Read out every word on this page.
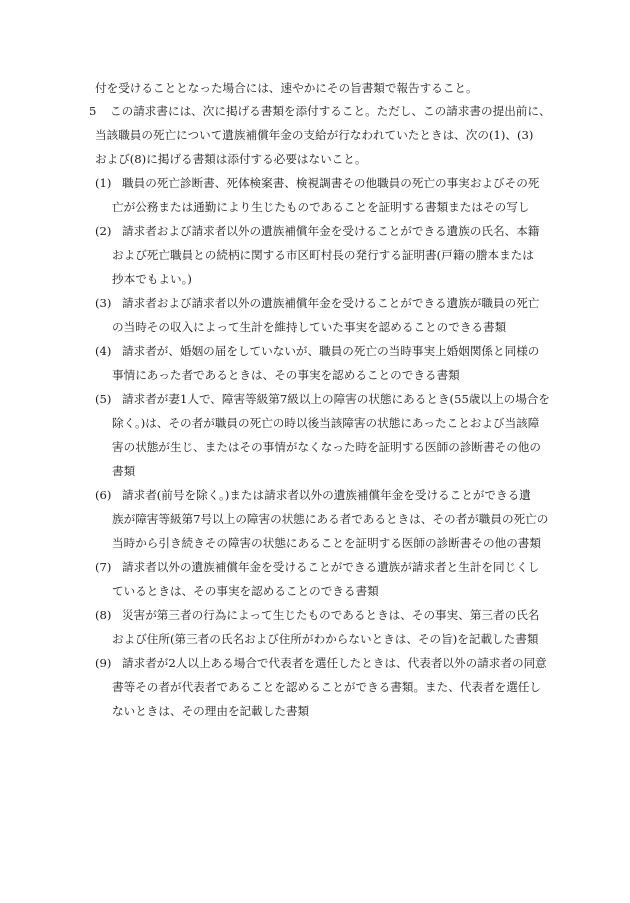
付を受けることとなった場合には、速やかにその旨書類で報告すること。
5 この請求書には、次に掲げる書類を添付すること。ただし、この請求書の提出前に、
当該職員の死亡について遺族補償年金の支給が行なわれていたときは、次の(1)、(3)
および(8)に掲げる書類は添付する必要はないこと。
(1) 職員の死亡診断書、死体検案書、検視調書その他職員の死亡の事実およびその死
亡が公務または通勤により生じたものであることを証明する書類またはその写し
(2) 請求者および請求者以外の遺族補償年金を受けることができる遺族の氏名、本籍
および死亡職員との続柄に関する市区町村長の発行する証明書(戸籍の謄本または
抄本でもよい。)
(3) 請求者および請求者以外の遺族補償年金を受けることができる遺族が職員の死亡
の当時その収入によって生計を維持していた事実を認めることのできる書類
(4) 請求者が、婚姻の届をしていないが、職員の死亡の当時事実上婚姻関係と同様の
事情にあった者であるときは、その事実を認めることのできる書類
(5) 請求者が妻1人で、障害等級第7級以上の障害の状態にあるとき(55歳以上の場合を
除く。)は、その者が職員の死亡の時以後当該障害の状態にあったことおよび当該障
害の状態が生じ、またはその事情がなくなった時を証明する医師の診断書その他の
書類
(6) 請求者(前号を除く。)または請求者以外の遺族補償年金を受けることができる遺
族が障害等級第7号以上の障害の状態にある者であるときは、その者が職員の死亡の
当時から引き続きその障害の状態にあることを証明する医師の診断書その他の書類
(7) 請求者以外の遺族補償年金を受けることができる遺族が請求者と生計を同じくし
ているときは、その事実を認めることのできる書類
(8) 災害が第三者の行為によって生じたものであるときは、その事実、第三者の氏名
および住所(第三者の氏名および住所がわからないときは、その旨)を記載した書類
(9) 請求者が2人以上ある場合で代表者を選任したときは、代表者以外の請求者の同意
書等その者が代表者であることを認めることができる書類。また、代表者を選任し
ないときは、その理由を記載した書類
